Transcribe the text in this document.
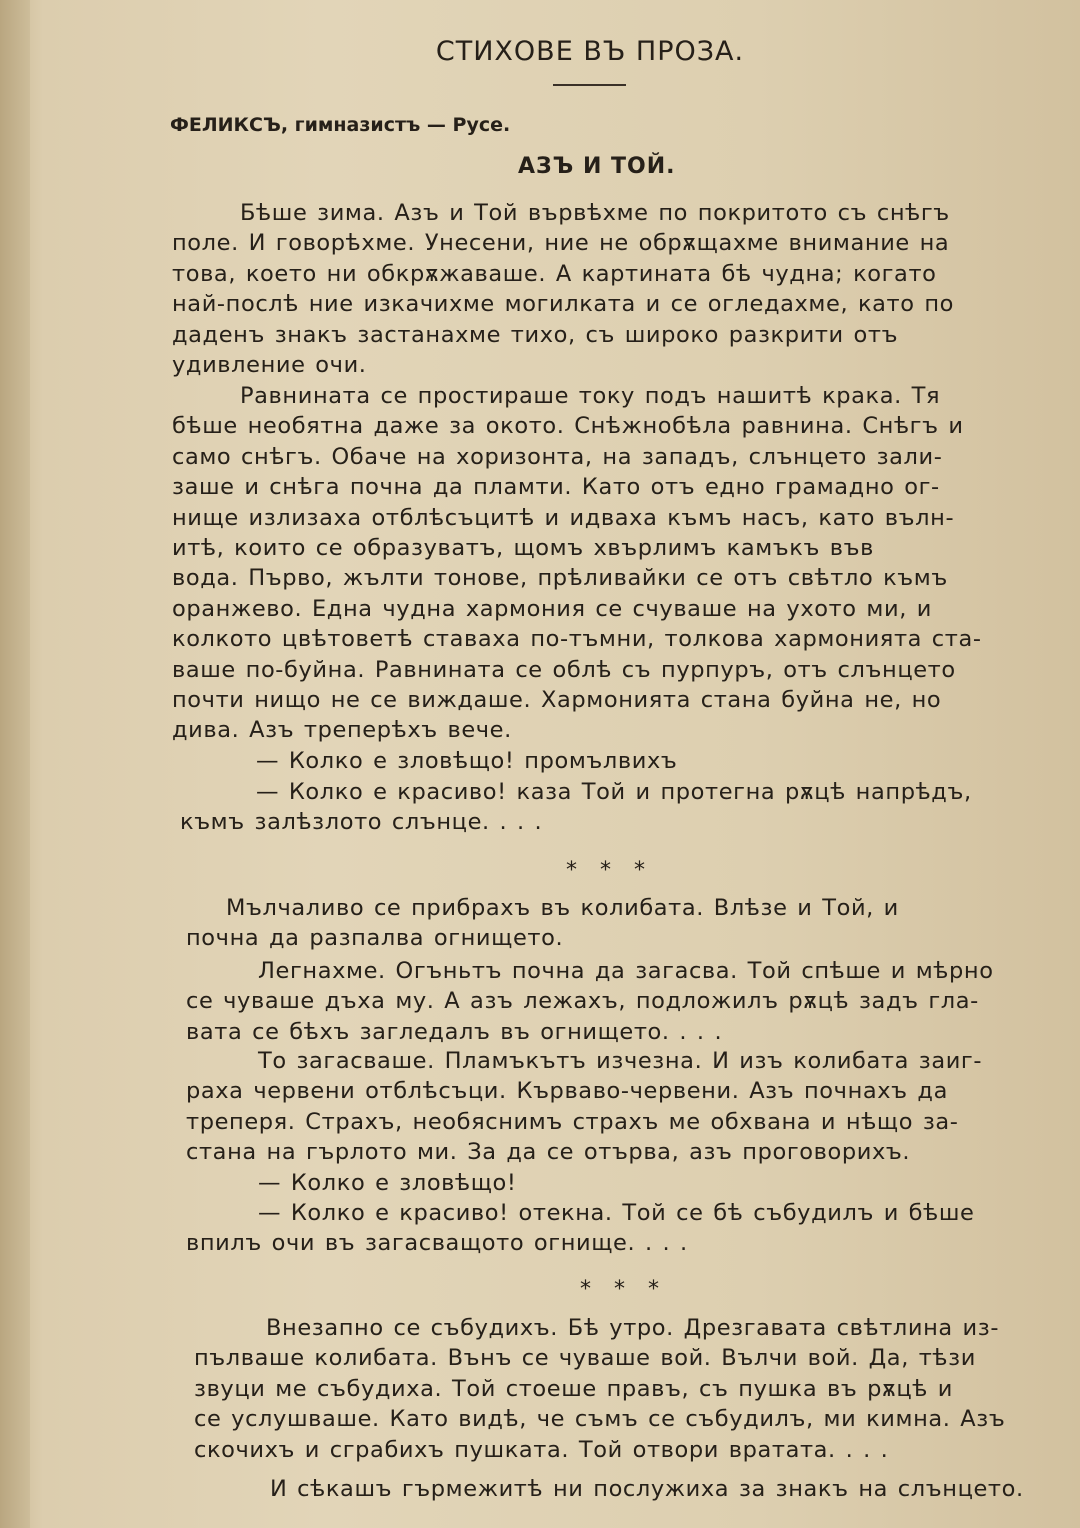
СТИХОВЕ ВЪ ПРОЗА.
ФЕЛИКСЪ, гимназистъ — Русе.
АЗЪ И ТОЙ.
Бѣше зима. Азъ и Той вървѣхме по покритото съ снѣгъ
поле. И говорѣхме. Унесени, ние не обрѫщахме внимание на
това, което ни обкрѫжаваше. А картината бѣ чудна; когато
най-послѣ ние изкачихме могилката и се огледахме, като по
даденъ знакъ застанахме тихо, съ широко разкрити отъ
удивление очи.
Равнината се простираше току подъ нашитѣ крака. Тя
бѣше необятна даже за окото. Снѣжнобѣла равнина. Снѣгъ и
само снѣгъ. Обаче на хоризонта, на западъ, слънцето зали-
заше и снѣга почна да пламти. Като отъ едно грамадно ог-
нище излизаха отблѣсъцитѣ и идваха къмъ насъ, като вълн-
итѣ, които се образуватъ, щомъ хвърлимъ камъкъ във
вода. Първо, жълти тонове, прѣливайки се отъ свѣтло къмъ
оранжево. Една чудна хармония се счуваше на ухото ми, и
колкото цвѣтоветѣ ставаха по-тъмни, толкова хармонията ста-
ваше по-буйна. Равнината се облѣ съ пурпуръ, отъ слънцето
почти нищо не се виждаше. Хармонията стана буйна не, но
дива. Азъ треперѣхъ вече.
— Колко е зловѣщо! промълвихъ
— Колко е красиво! каза Той и протегна рѫцѣ напрѣдъ,
къмъ залѣзлото слънце. . . .
* * *
Мълчаливо се прибрахъ въ колибата. Влѣзе и Той, и
почна да разпалва огнището.
Легнахме. Огъньтъ почна да загасва. Той спѣше и мѣрно
се чуваше дъха му. А азъ лежахъ, подложилъ рѫцѣ задъ гла-
вата се бѣхъ загледалъ въ огнището. . . .
То загасваше. Пламъкътъ изчезна. И изъ колибата заиг-
раха червени отблѣсъци. Кърваво-червени. Азъ почнахъ да
треперя. Страхъ, необяснимъ страхъ ме обхвана и нѣщо за-
стана на гърлото ми. За да се отърва, азъ проговорихъ.
— Колко е зловѣщо!
— Колко е красиво! отекна. Той се бѣ събудилъ и бѣше
впилъ очи въ загасващото огнище. . . .
* * *
Внезапно се събудихъ. Бѣ утро. Дрезгавата свѣтлина из-
пълваше колибата. Вънъ се чуваше вой. Вълчи вой. Да, тѣзи
звуци ме събудиха. Той стоеше правъ, съ пушка въ рѫцѣ и
се услушваше. Като видѣ, че съмъ се събудилъ, ми кимна. Азъ
скочихъ и сграбихъ пушката. Той отвори вратата. . . .
И сѣкашъ гърмежитѣ ни послужиха за знакъ на слънцето.
